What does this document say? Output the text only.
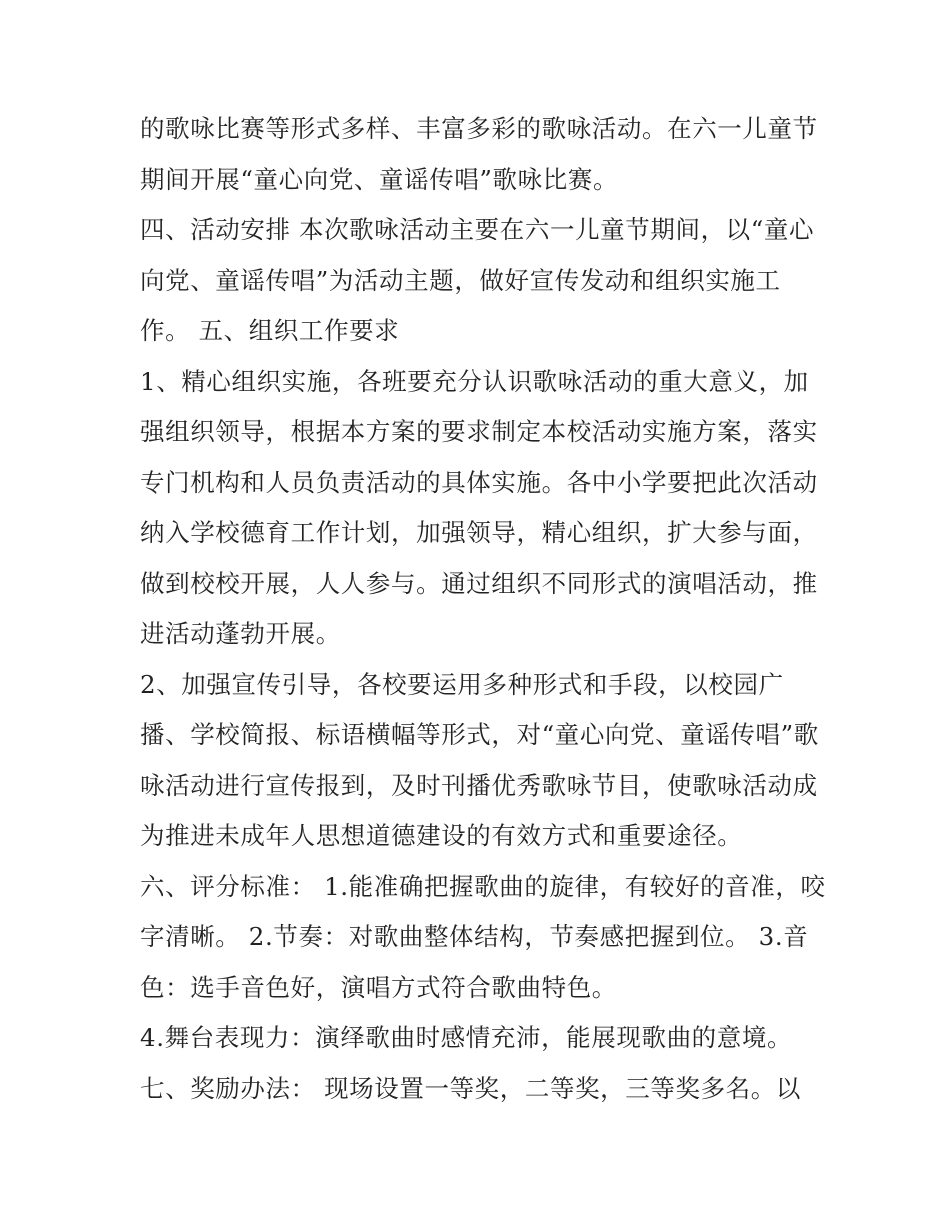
的歌咏比赛等形式多样、丰富多彩的歌咏活动。在六一儿童节

期间开展“童心向党、童谣传唱”歌咏比赛。

四、活动安排 本次歌咏活动主要在六一儿童节期间，以“童心

向党、童谣传唱”为活动主题，做好宣传发动和组织实施工

作。 五、组织工作要求

1、精心组织实施，各班要充分认识歌咏活动的重大意义，加

强组织领导，根据本方案的要求制定本校活动实施方案，落实

专门机构和人员负责活动的具体实施。各中小学要把此次活动

纳入学校德育工作计划，加强领导，精心组织，扩大参与面，

做到校校开展，人人参与。通过组织不同形式的演唱活动，推

进活动蓬勃开展。

2、加强宣传引导，各校要运用多种形式和手段，以校园广

播、学校简报、标语横幅等形式，对“童心向党、童谣传唱”歌

咏活动进行宣传报到，及时刊播优秀歌咏节目，使歌咏活动成

为推进未成年人思想道德建设的有效方式和重要途径。

六、评分标准： 1.能准确把握歌曲的旋律，有较好的音准，咬

字清晰。 2.节奏：对歌曲整体结构，节奏感把握到位。 3.音

色：选手音色好，演唱方式符合歌曲特色。

4.舞台表现力：演绎歌曲时感情充沛，能展现歌曲的意境。

七、奖励办法： 现场设置一等奖，二等奖，三等奖多名。以
